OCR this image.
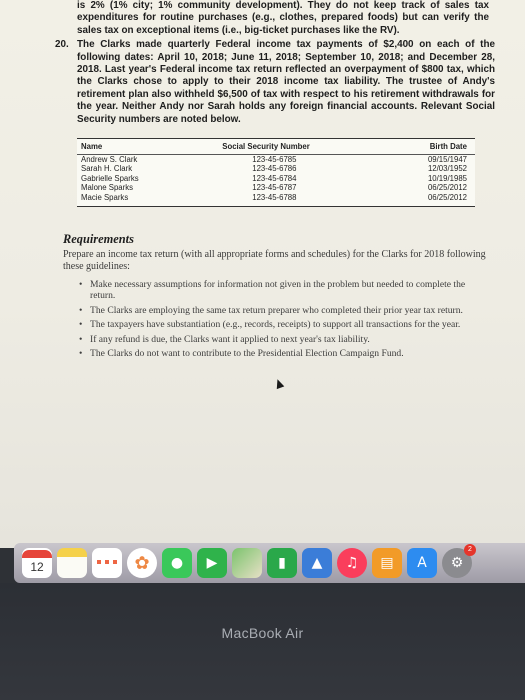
is 2% (1% city; 1% community development). They do not keep track of sales tax expenditures for routine purchases (e.g., clothes, prepared foods) but can verify the sales tax on exceptional items (i.e., big-ticket purchases like the RV).

20. The Clarks made quarterly Federal income tax payments of $2,400 on each of the following dates: April 10, 2018; June 11, 2018; September 10, 2018; and December 28, 2018. Last year's Federal income tax return reflected an overpayment of $800 tax, which the Clarks chose to apply to their 2018 income tax liability. The trustee of Andy's retirement plan also withheld $6,500 of tax with respect to his retirement withdrawals for the year. Neither Andy nor Sarah holds any foreign financial accounts. Relevant Social Security numbers are noted below.

Name	Social Security Number	Birth Date
Andrew S. Clark	123-45-6785	09/15/1947
Sarah H. Clark	123-45-6786	12/03/1952
Gabrielle Sparks	123-45-6784	10/19/1985
Malone Sparks	123-45-6787	06/25/2012
Macie Sparks	123-45-6788	06/25/2012
Requirements

Prepare an income tax return (with all appropriate forms and schedules) for the Clarks for 2018 following these guidelines:

• Make necessary assumptions for information not given in the problem but needed to complete the return.
• The Clarks are employing the same tax return preparer who completed their prior year tax return.
• The taxpayers have substantiation (e.g., records, receipts) to support all transactions for the year.
• If any refund is due, the Clarks want it applied to next year's tax liability.
• The Clarks do not want to contribute to the Presidential Election Campaign Fund.
12	✿	●	▶	▮	▲	♫	▤	A	⚙
2
MacBook Air
